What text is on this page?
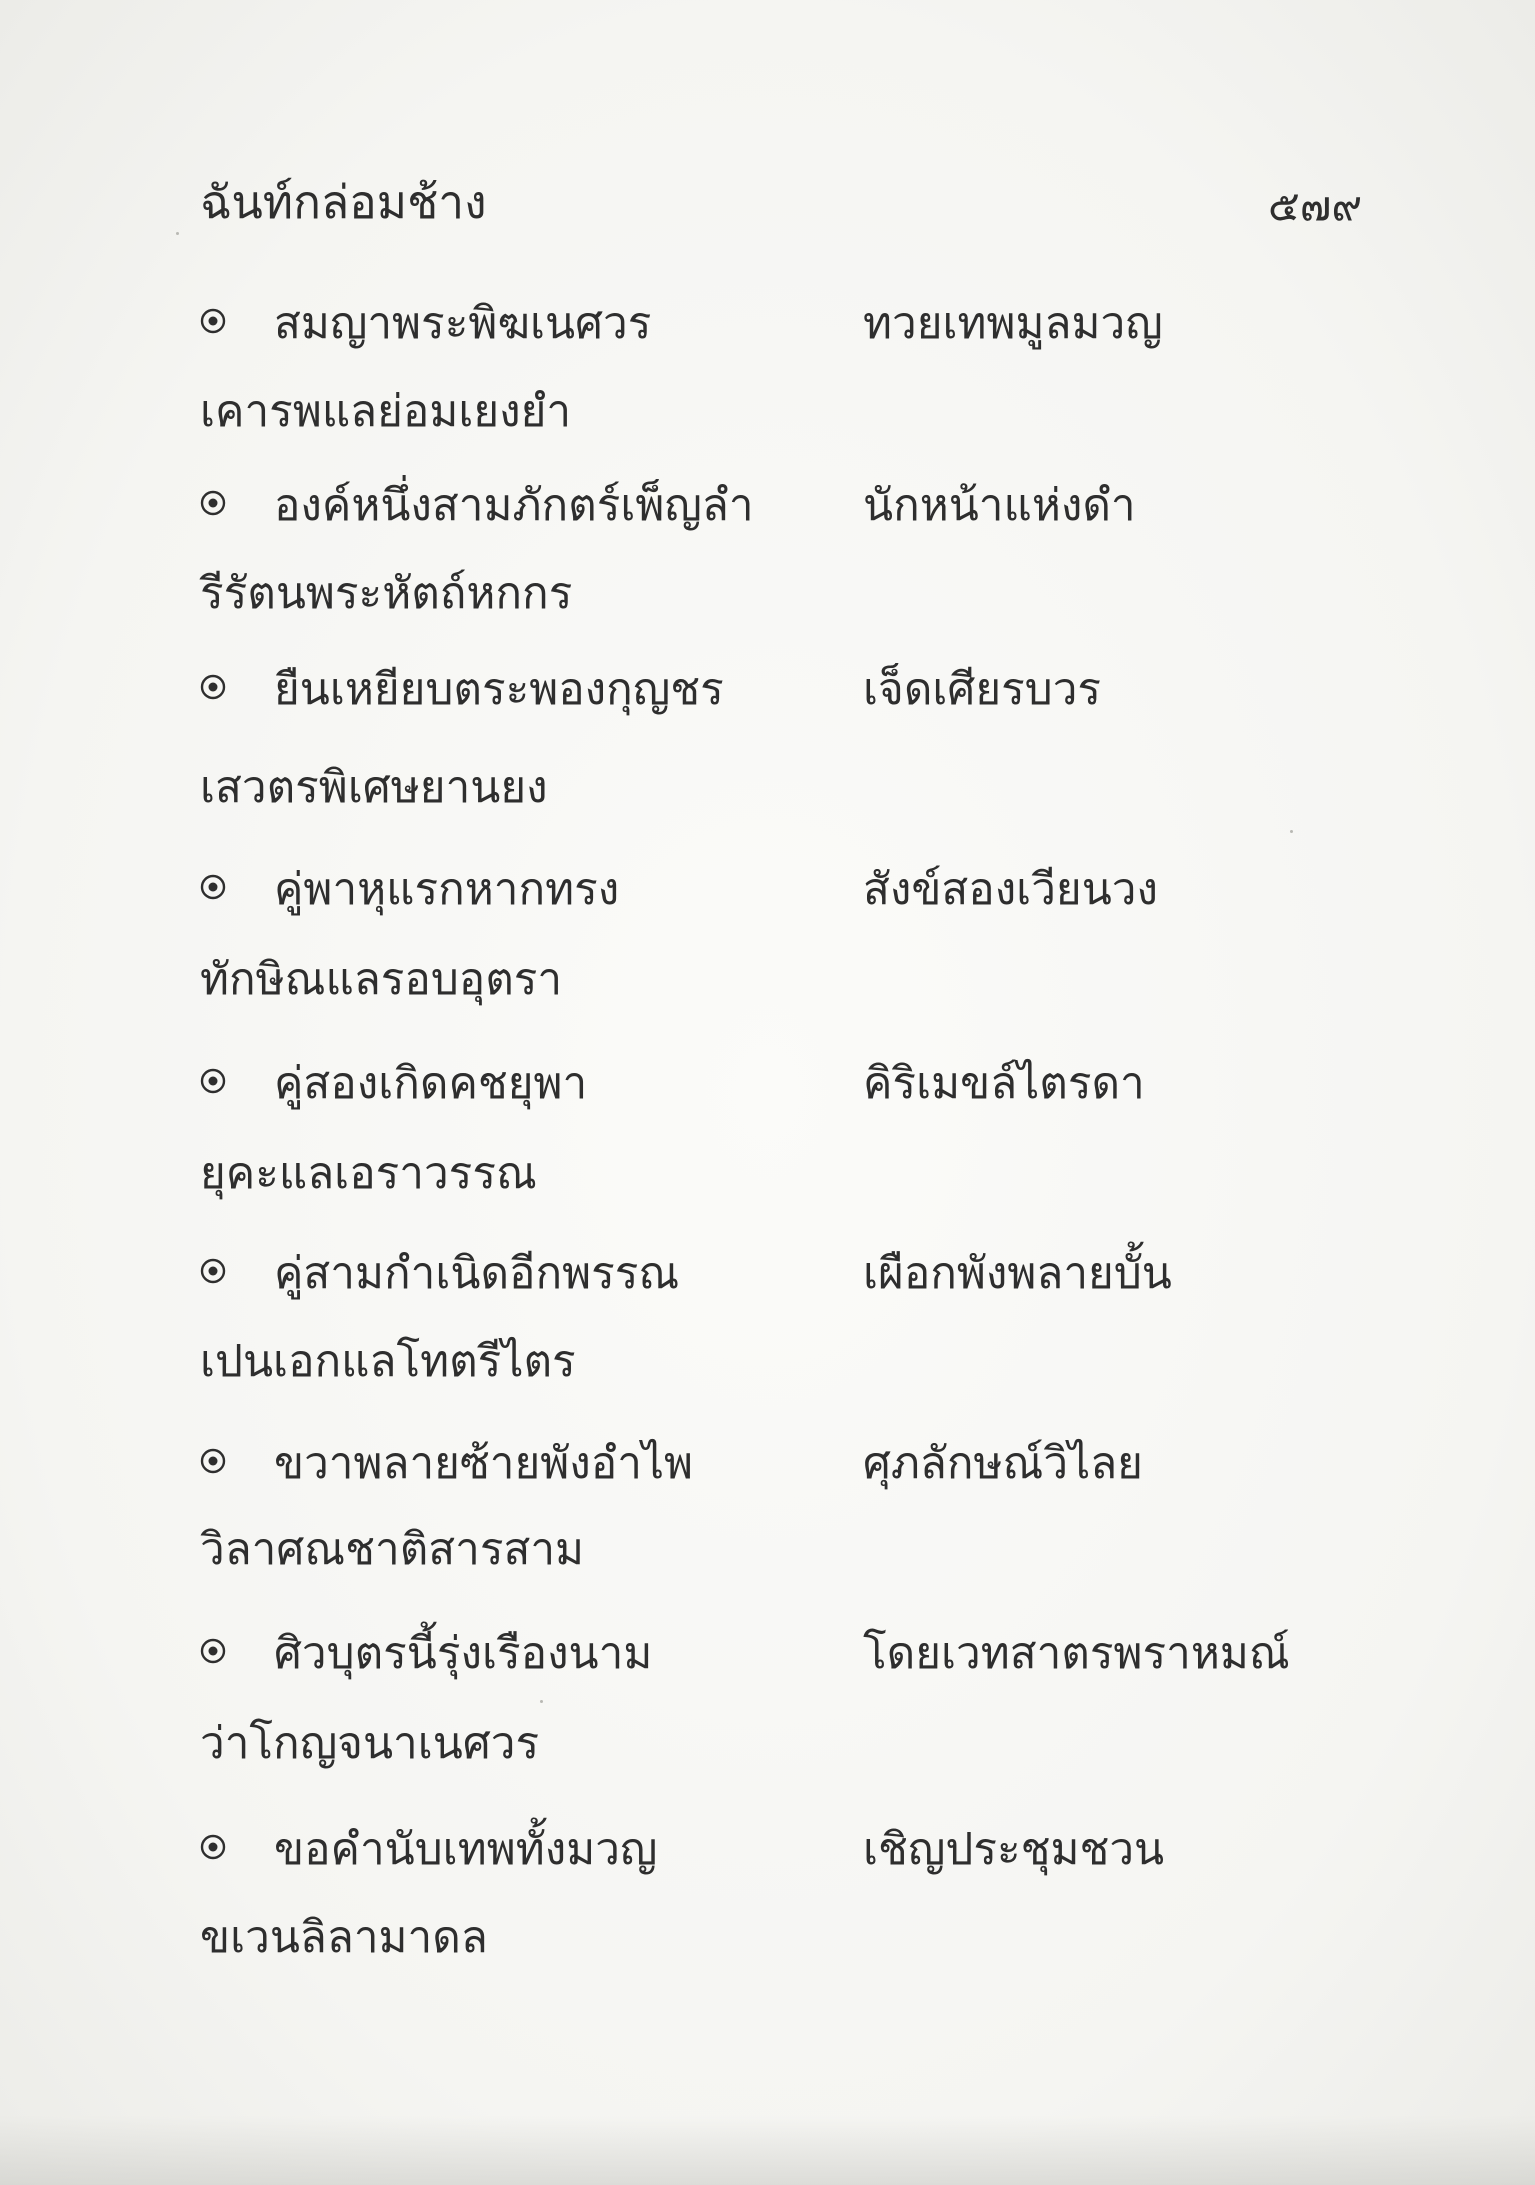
ฉันท์กล่อมช้าง	๕๗๙
สมญาพระพิฆเนศวร	ทวยเทพมูลมวญ
เคารพแลย่อมเยงยำ
องค์หนึ่งสามภักตร์เพ็ญลำ นักหน้าแห่งดำ
รีรัตนพระหัตถ์หกกร
ยืนเหยียบตระพองกุญชร	เจ็ดเศียรบวร
เสวตรพิเศษยานยง
คู่พาหุแรกหากทรง	สังข์สองเวียนวง
ทักษิณแลรอบอุตรา
คู่สองเกิดคชยุพา	คิริเมขล์ไตรดา
ยุคะแลเอราวรรณ
คู่สามกำเนิดอีกพรรณ	เผือกพังพลายบั้น
เปนเอกแลโทตรีไตร
ขวาพลายซ้ายพังอำไพ	ศุภลักษณ์วิไลย
วิลาศณชาติสารสาม
ศิวบุตรนี้รุ่งเรืองนาม	โดยเวทสาตรพราหมณ์
ว่าโกญจนาเนศวร
ขอคำนับเทพทั้งมวญ	เชิญประชุมชวน
ขเวนลิลามาดล
